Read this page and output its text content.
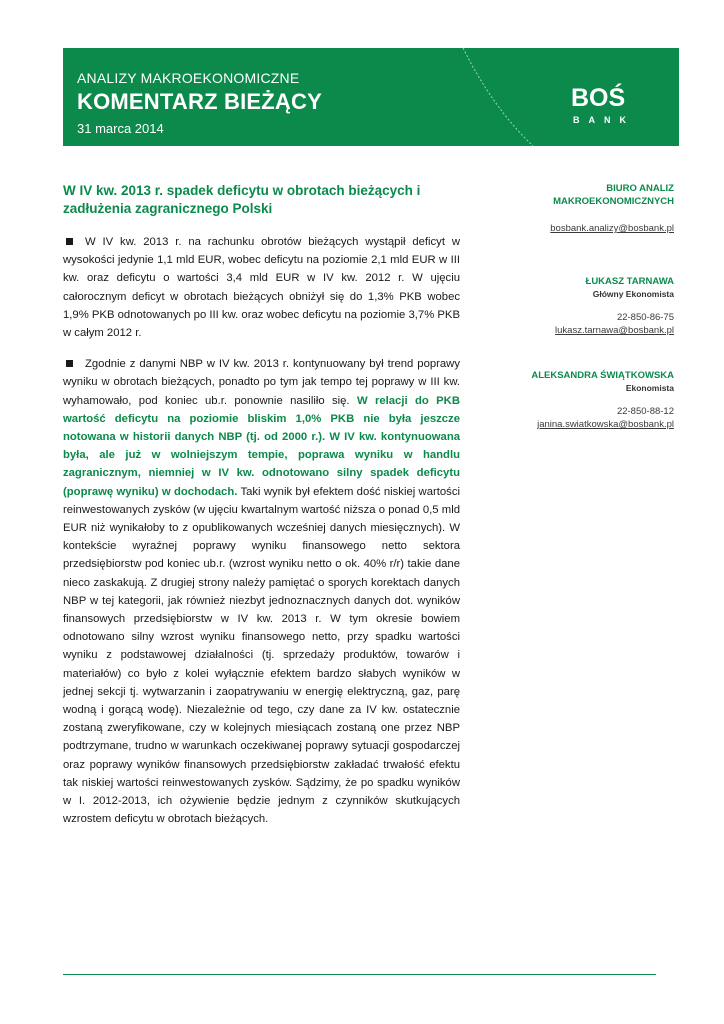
ANALIZY MAKROEKONOMICZNE
KOMENTARZ BIEŻĄCY
31 marca 2014
BOŚ
BANK
W IV kw. 2013 r. spadek deficytu w obrotach bieżących i zadłużenia zagranicznego Polski

W IV kw. 2013 r. na rachunku obrotów bieżących wystąpił deficyt w wysokości jedynie 1,1 mld EUR, wobec deficytu na poziomie 2,1 mld EUR w III kw. oraz deficytu o wartości 3,4 mld EUR w IV kw. 2012 r. W ujęciu całorocznym deficyt w obrotach bieżących obniżył się do 1,3% PKB wobec 1,9% PKB odnotowanych po III kw. oraz wobec deficytu na poziomie 3,7% PKB w całym 2012 r.

Zgodnie z danymi NBP w IV kw. 2013 r. kontynuowany był trend poprawy wyniku w obrotach bieżących, ponadto po tym jak tempo tej poprawy w III kw. wyhamowało, pod koniec ub.r. ponownie nasiliło się. W relacji do PKB wartość deficytu na poziomie bliskim 1,0% PKB nie była jeszcze notowana w historii danych NBP (tj. od 2000 r.). W IV kw. kontynuowana była, ale już w wolniejszym tempie, poprawa wyniku w handlu zagranicznym, niemniej w IV kw. odnotowano silny spadek deficytu (poprawę wyniku) w dochodach. Taki wynik był efektem dość niskiej wartości reinwestowanych zysków (w ujęciu kwartalnym wartość niższa o ponad 0,5 mld EUR niż wynikałoby to z opublikowanych wcześniej danych miesięcznych). W kontekście wyraźnej poprawy wyniku finansowego netto sektora przedsiębiorstw pod koniec ub.r. (wzrost wyniku netto o ok. 40% r/r) takie dane nieco zaskakują. Z drugiej strony należy pamiętać o sporych korektach danych NBP w tej kategorii, jak również niezbyt jednoznacznych danych dot. wyników finansowych przedsiębiorstw w IV kw. 2013 r. W tym okresie bowiem odnotowano silny wzrost wyniku finansowego netto, przy spadku wartości wyniku z podstawowej działalności (tj. sprzedaży produktów, towarów i materiałów) co było z kolei wyłącznie efektem bardzo słabych wyników w jednej sekcji tj. wytwarzanin i zaopatrywaniu w energię elektryczną, gaz, parę wodną i gorącą wodę). Niezależnie od tego, czy dane za IV kw. ostatecznie zostaną zweryfikowane, czy w kolejnych miesiącach zostaną one przez NBP podtrzymane, trudno w warunkach oczekiwanej poprawy sytuacji gospodarczej oraz poprawy wyników finansowych przedsiębiorstw zakładać trwałość efektu tak niskiej wartości reinwestowanych zysków. Sądzimy, że po spadku wyników w I. 2012-2013, ich ożywienie będzie jednym z czynników skutkujących wzrostem deficytu w obrotach bieżących.

BIURO ANALIZ
MAKROEKONOMICZNYCH
bosbank.analizy@bosbank.pl
ŁUKASZ TARNAWA
Główny Ekonomista
22-850-86-75
lukasz.tarnawa@bosbank.pl
ALEKSANDRA ŚWIĄTKOWSKA
Ekonomista
22-850-88-12
janina.swiatkowska@bosbank.pl
